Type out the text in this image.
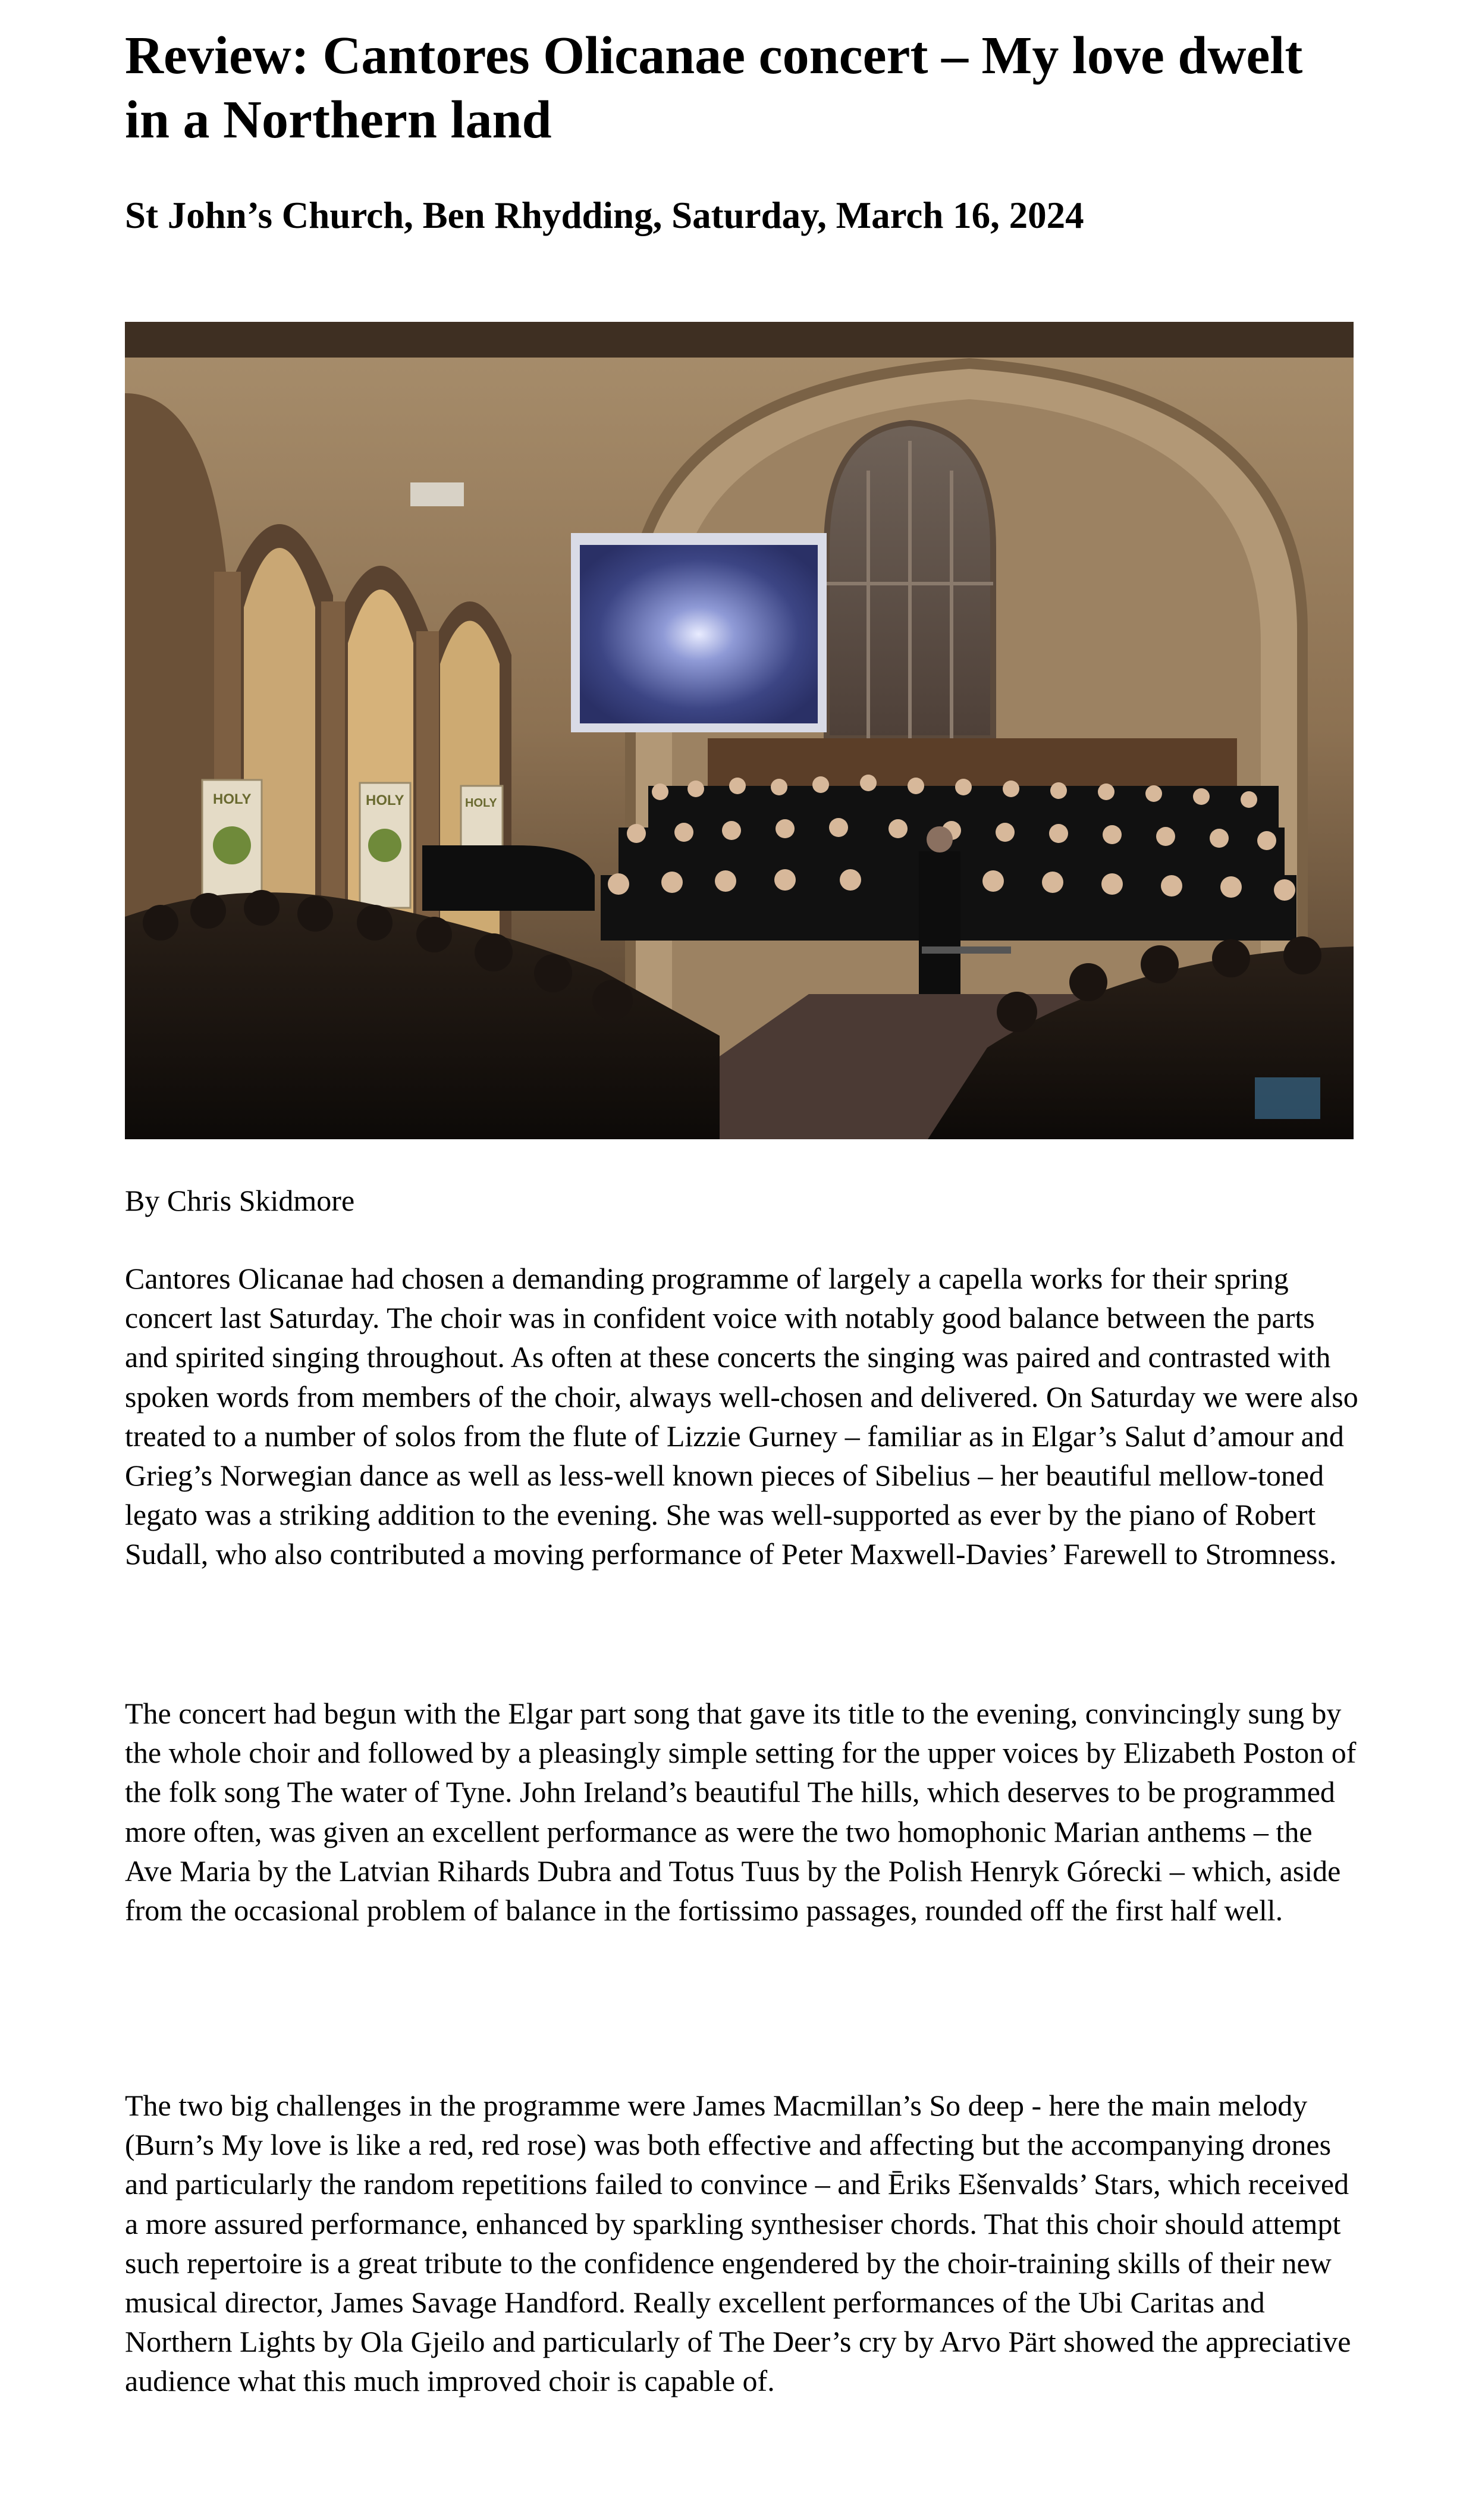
Review: Cantores Olicanae concert – My love dwelt in a Northern land
St John’s Church, Ben Rhydding, Saturday, March 16, 2024
HOLY	HOLY	HOLY
By Chris Skidmore

Cantores Olicanae had chosen a demanding programme of largely a capella works for their spring concert last Saturday. The choir was in confident voice with notably good balance between the parts and spirited singing throughout. As often at these concerts the singing was paired and contrasted with spoken words from members of the choir, always well-chosen and delivered. On Saturday we were also treated to a number of solos from the flute of Lizzie Gurney – familiar as in Elgar’s Salut d’amour and Grieg’s Norwegian dance as well as less-well known pieces of Sibelius – her beautiful mellow-toned legato was a striking addition to the evening. She was well-supported as ever by the piano of Robert Sudall, who also contributed a moving performance of Peter Maxwell-Davies’ Farewell to Stromness.

The concert had begun with the Elgar part song that gave its title to the evening, convincingly sung by the whole choir and followed by a pleasingly simple setting for the upper voices by Elizabeth Poston of the folk song The water of Tyne. John Ireland’s beautiful The hills, which deserves to be programmed more often, was given an excellent performance as were the two homophonic Marian anthems – the Ave Maria by the Latvian Rihards Dubra and Totus Tuus by the Polish Henryk Górecki – which, aside from the occasional problem of balance in the fortissimo passages, rounded off the first half well.

The two big challenges in the programme were James Macmillan’s So deep - here the main melody (Burn’s My love is like a red, red rose) was both effective and affecting but the accompanying drones and particularly the random repetitions failed to convince – and Ēriks Ešenvalds’ Stars, which received a more assured performance, enhanced by sparkling synthesiser chords. That this choir should attempt such repertoire is a great tribute to the confidence engendered by the choir-training skills of their new musical director, James Savage Handford. Really excellent performances of the Ubi Caritas and Northern Lights by Ola Gjeilo and particularly of The Deer’s cry by Arvo Pärt showed the appreciative audience what this much improved choir is capable of.
